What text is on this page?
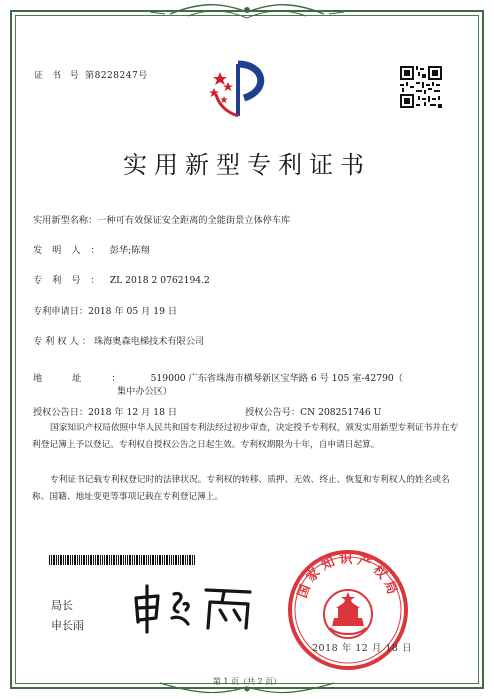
证 书 号 第8228247号
实用新型专利证书
实用新型名称：一种可有效保证安全距离的全能街景立体停车库
发明人：彭华;陈翔
专利号：ZL 2018 2 0762194.2
专利申请日：2018 年 05 月 19 日
专利权人：珠海奥森电梯技术有限公司
地址：519000 广东省珠海市横琴新区宝华路 6 号 105 室-42790（
集中办公区）
授权公告日：2018 年 12 月 18 日	授权公告号：CN 208251746 U
国家知识产权局依照中华人民共和国专利法经过初步审查，决定授予专利权，颁发实用新型专利证书并在专利登记簿上予以登记。专利权自授权公告之日起生效。专利权期限为十年，自申请日起算。
专利证书记载专利权登记时的法律状况。专利权的转移、质押、无效、终止、恢复和专利权人的姓名或名称、国籍、地址变更等事项记载在专利登记簿上。
局长
申长雨
国家知识产权局
2018 年 12 月 18 日
第 1 页（共 2 页）
